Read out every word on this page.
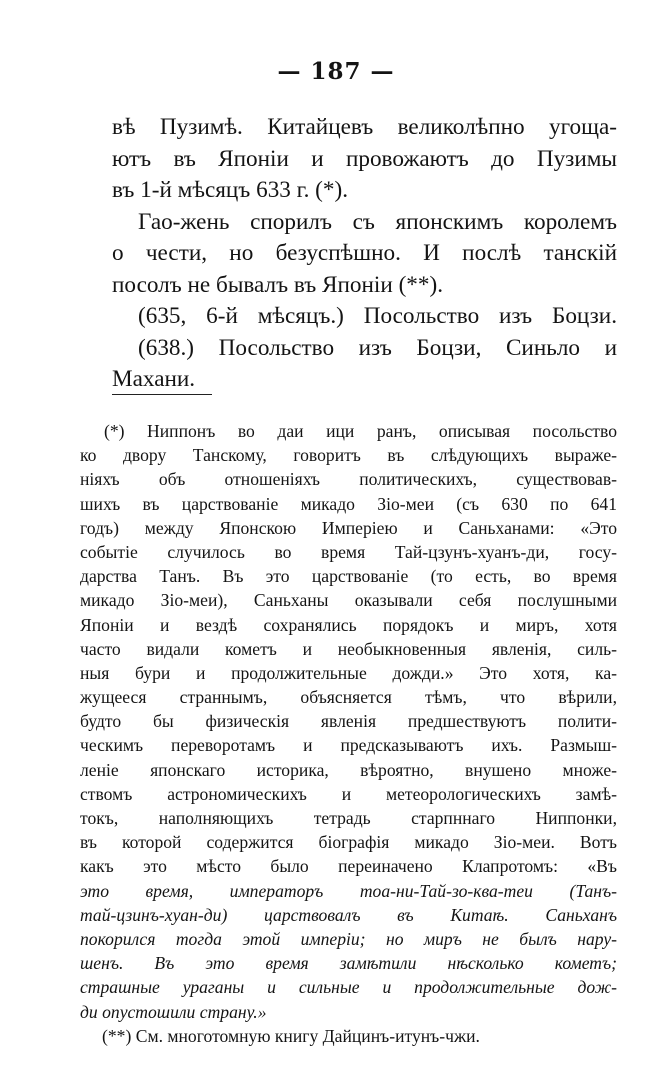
— 187 —
вѣ Пузимѣ. Китайцевъ великолѣпно угоща-
ютъ въ Японіи и провожаютъ до Пузимы
въ 1-й мѣсяцъ 633 г. (*).
Гао-жень спорилъ съ японскимъ королемъ
о чести, но безуспѣшно. И послѣ танскій
посолъ не бывалъ въ Японіи (**).
(635, 6-й мѣсяцъ.) Посольство изъ Боцзи.
(638.) Посольство изъ Боцзи, Синьло и
Махани.
(*) Ниппонъ во даи ици ранъ, описывая посольство
ко двору Танскому, говоритъ въ слѣдующихъ выраже-
ніяхъ объ отношеніяхъ политическихъ, существовав-
шихъ въ царствованіе микадо Зіо-меи (съ 630 по 641
годъ) между Японскою Имперіею и Саньханами: «Это
событіе случилось во время Тай-цзунъ-хуанъ-ди, госу-
дарства Танъ. Въ это царствованіе (то есть, во время
микадо Зіо-меи), Саньханы оказывали себя послушными
Японіи и вездѣ сохранялись порядокъ и миръ, хотя
часто видали кометъ и необыкновенныя явленія, силь-
ныя бури и продолжительные дожди.» Это хотя, ка-
жущееся страннымъ, объясняется тѣмъ, что вѣрили,
будто бы физическія явленія предшествуютъ полити-
ческимъ переворотамъ и предсказываютъ ихъ. Размыш-
леніе японскаго историка, вѣроятно, внушено множе-
ствомъ астрономическихъ и метеорологическихъ замѣ-
токъ, наполняющихъ тетрадь старпннаго Ниппонки,
въ которой содержится біографія микадо Зіо-меи. Вотъ
какъ это мѣсто было переиначено Клапротомъ: «Въ
это время, императоръ тоа-ни-Тай-зо-ква-теи (Танъ-
тай-цзинъ-хуан-ди) царствовалъ въ Китаѣ. Саньханъ
покорился тогда этой имперіи; но миръ не былъ нару-
шенъ. Въ это время замѣтили нѣсколько кометъ;
страшные ураганы и сильные и продолжительные дож-
ди опустошили страну.»
(**) См. многотомную книгу Дайцинъ-итунъ-чжи.
